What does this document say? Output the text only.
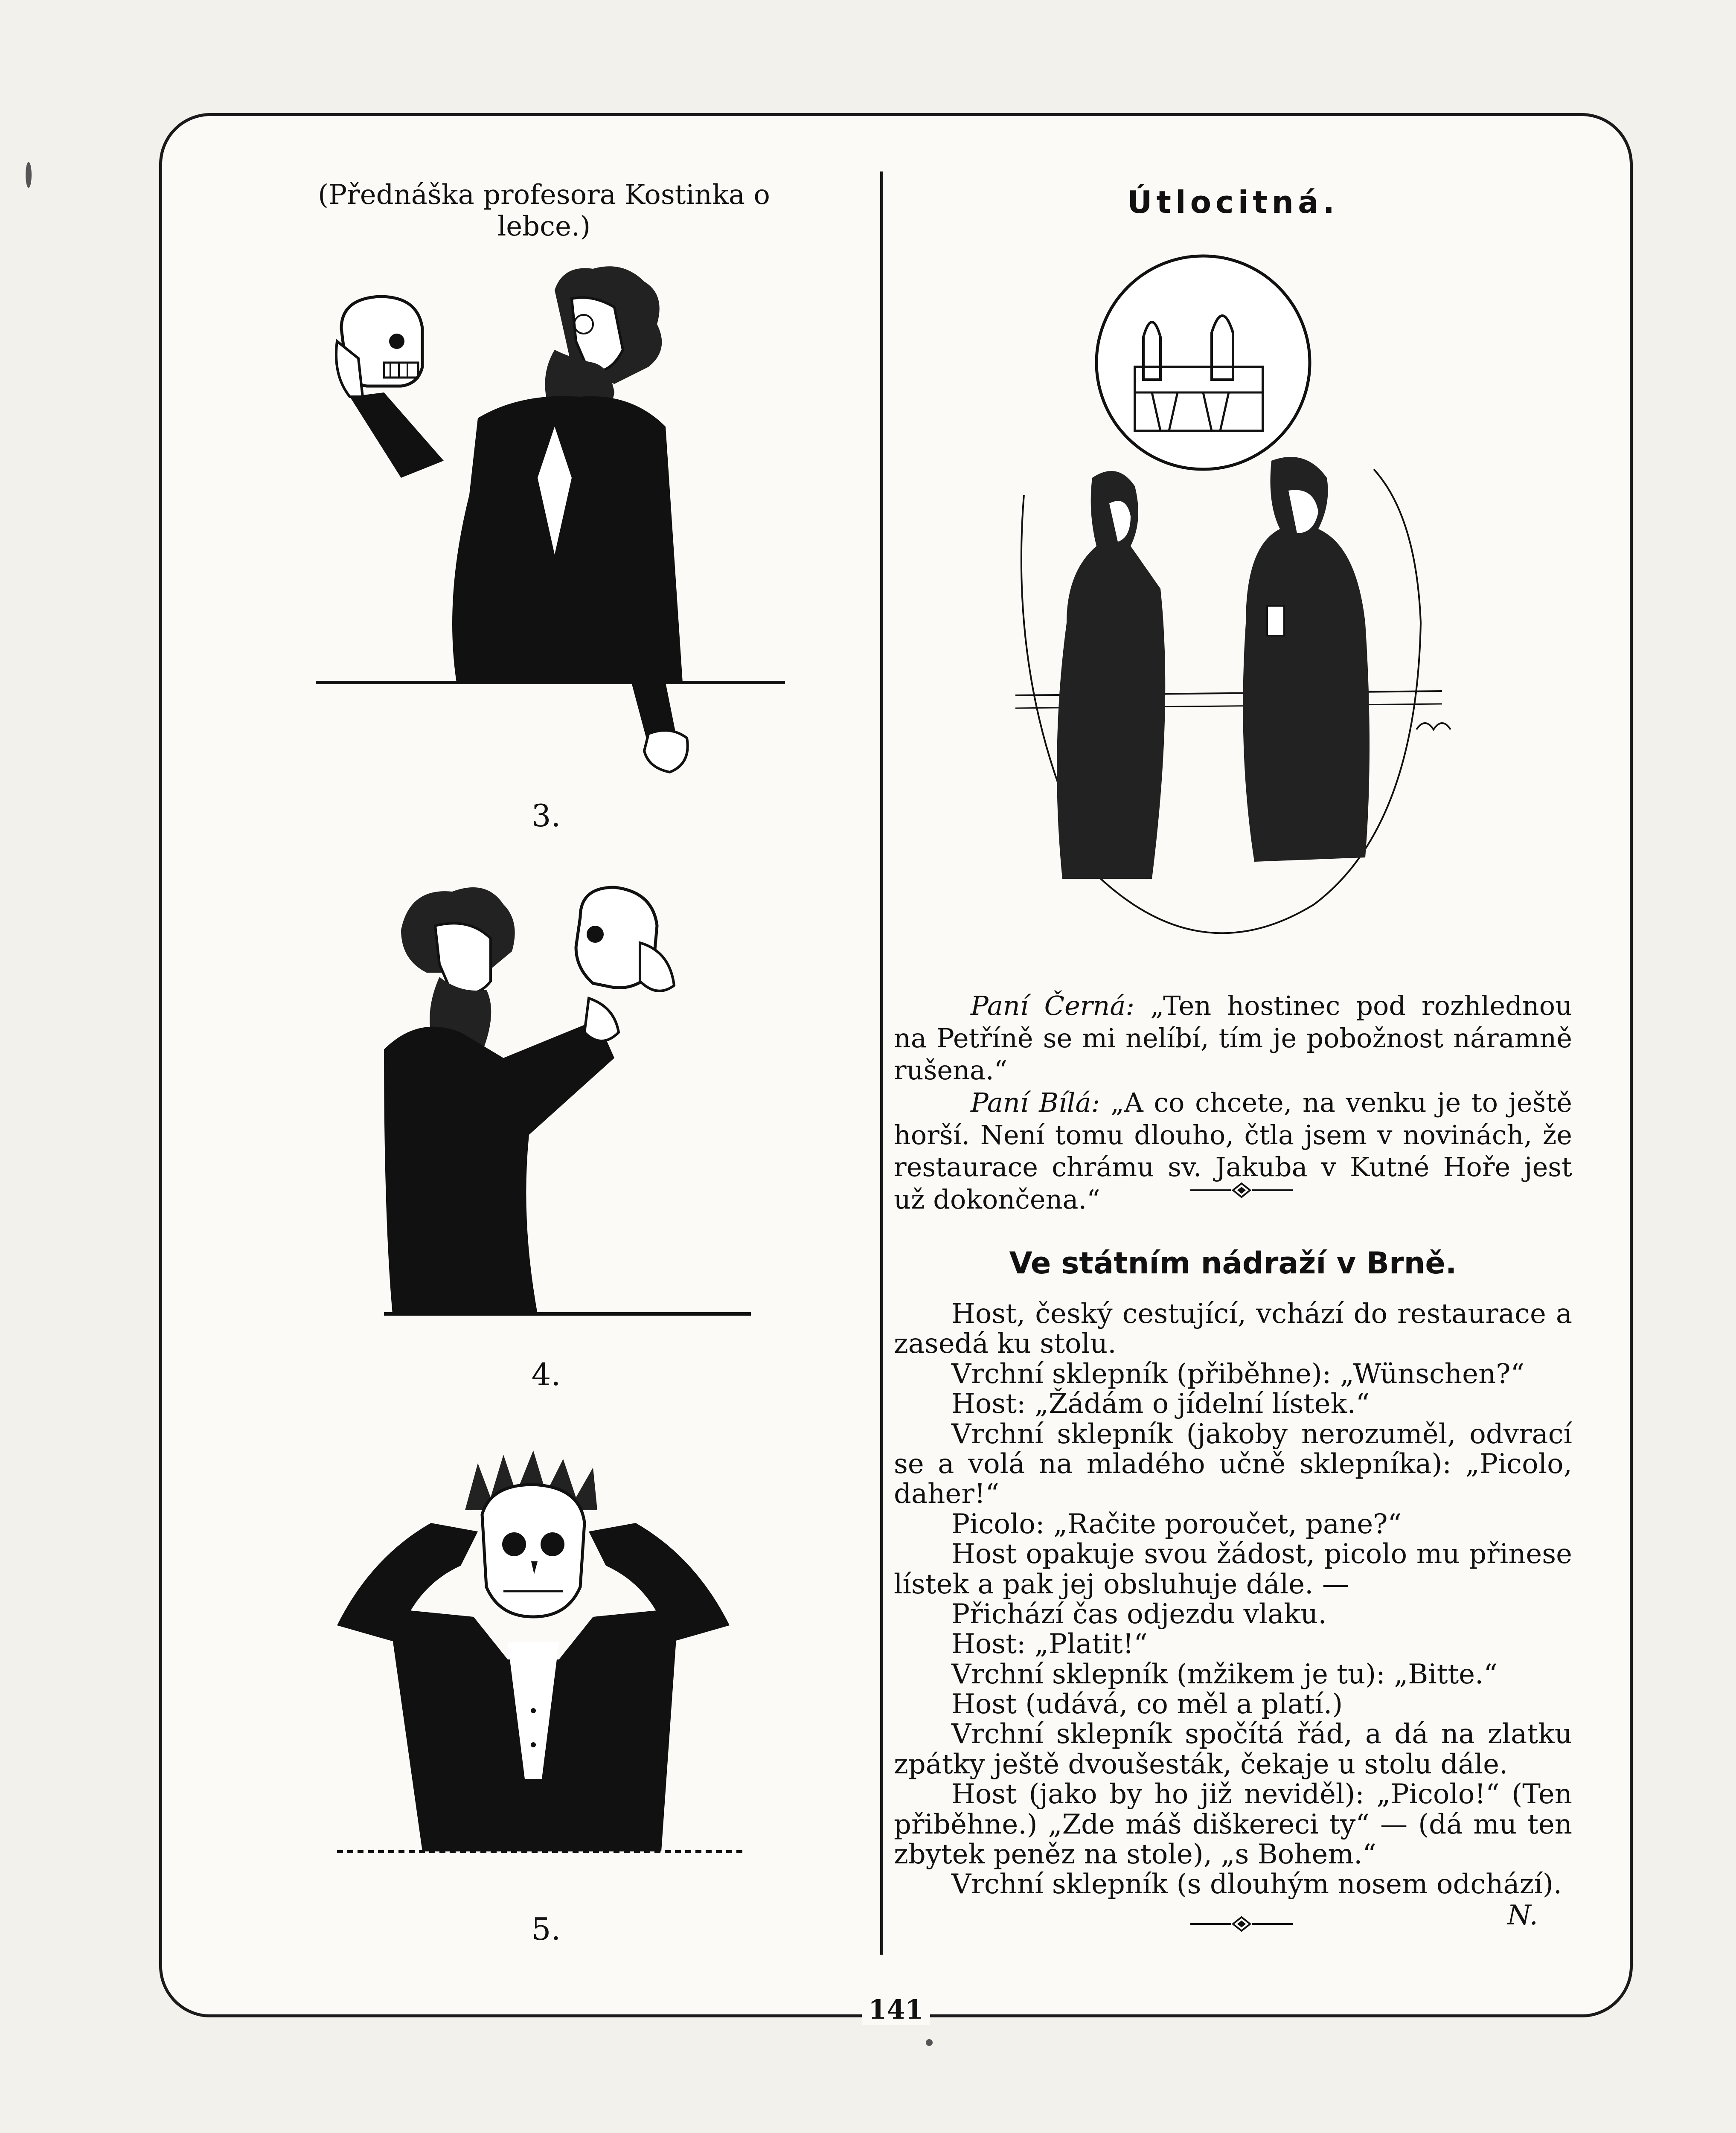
(Přednáška profesora Kostinka o lebce.)
3.
4.
5.
Útlocitná.

Paní Černá: „Ten hostinec pod rozhlednou na Petříně se mi nelíbí, tím je pobožnost náramně rušena.“

Paní Bílá: „A co chcete, na venku je to ještě horší. Není tomu dlouho, čtla jsem v novinách, že restaurace chrámu sv. Jakuba v Kutné Hoře jest už dokončena.“

Ve státním nádraží v Brně.

Host, český cestující, vchází do restaurace a zasedá ku stolu.

Vrchní sklepník (přiběhne): „Wünschen?“

Host: „Žádám o jídelní lístek.“

Vrchní sklepník (jakoby nerozuměl, odvrací se a volá na mladého učně sklepníka): „Picolo, daher!“

Picolo: „Račite poroučet, pane?“

Host opakuje svou žádost, picolo mu přinese lístek a pak jej obsluhuje dále. —

Přichází čas odjezdu vlaku.

Host: „Platit!“

Vrchní sklepník (mžikem je tu): „Bitte.“

Host (udává, co měl a platí.)

Vrchní sklepník spočítá řád, a dá na zlatku zpátky ještě dvoušesták, čekaje u stolu dále.

Host (jako by ho již neviděl): „Picolo!“ (Ten přiběhne.) „Zde máš diškereci ty“ — (dá mu ten zbytek peněz na stole), „s Bohem.“

Vrchní sklepník (s dlouhým nosem odchází).

N.

141
